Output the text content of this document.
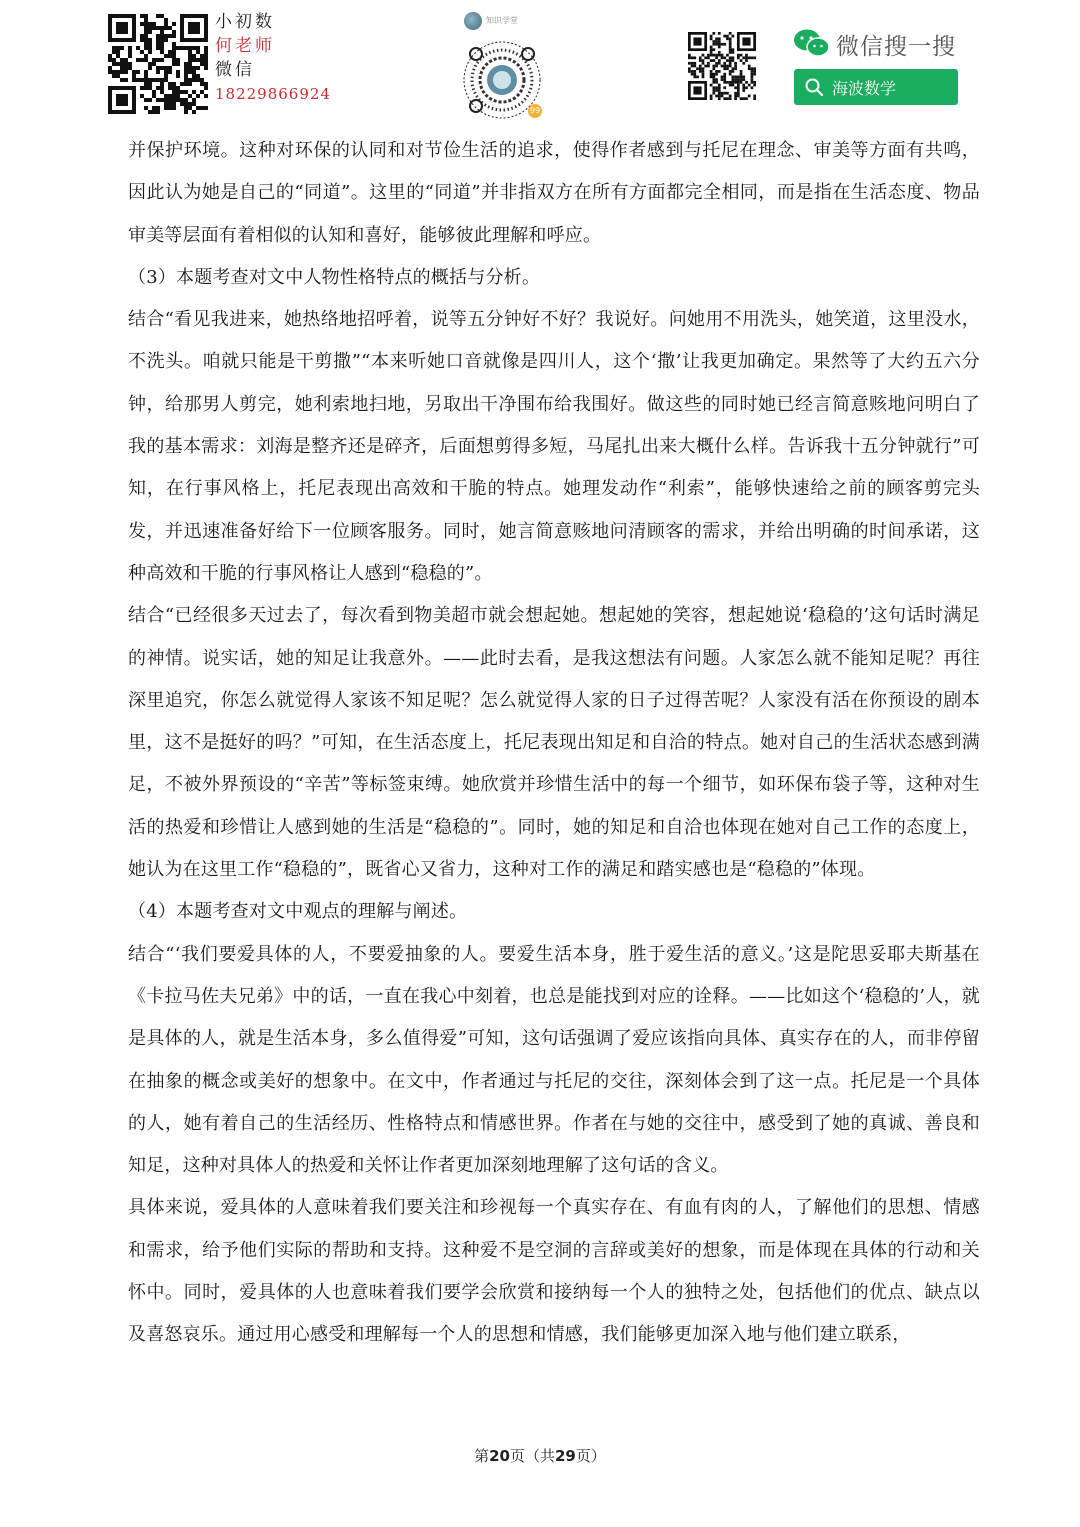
小初数
何老师
微信
18229866924
知识学堂
99
微信搜一搜
海波数学

并保护环境。这种对环保的认同和对节俭生活的追求，使得作者感到与托尼在理念、审美等方面有共鸣，因此认为她是自己的“同道”。这里的“同道”并非指双方在所有方面都完全相同，而是指在生活态度、物品审美等层面有着相似的认知和喜好，能够彼此理解和呼应。

（3）本题考查对文中人物性格特点的概括与分析。

结合“看见我进来，她热络地招呼着，说等五分钟好不好？我说好。问她用不用洗头，她笑道，这里没水，不洗头。咱就只能是干剪撒”“本来听她口音就像是四川人，这个‘撒’让我更加确定。果然等了大约五六分钟，给那男人剪完，她利索地扫地，另取出干净围布给我围好。做这些的同时她已经言简意赅地问明白了我的基本需求：刘海是整齐还是碎齐，后面想剪得多短，马尾扎出来大概什么样。告诉我十五分钟就行”可知，在行事风格上，托尼表现出高效和干脆的特点。她理发动作“利索”，能够快速给之前的顾客剪完头发，并迅速准备好给下一位顾客服务。同时，她言简意赅地问清顾客的需求，并给出明确的时间承诺，这种高效和干脆的行事风格让人感到“稳稳的”。

结合“已经很多天过去了，每次看到物美超市就会想起她。想起她的笑容，想起她说‘稳稳的’这句话时满足的神情。说实话，她的知足让我意外。——此时去看，是我这想法有问题。人家怎么就不能知足呢？再往深里追究，你怎么就觉得人家该不知足呢？怎么就觉得人家的日子过得苦呢？人家没有活在你预设的剧本里，这不是挺好的吗？”可知，在生活态度上，托尼表现出知足和自洽的特点。她对自己的生活状态感到满足，不被外界预设的“辛苦”等标签束缚。她欣赏并珍惜生活中的每一个细节，如环保布袋子等，这种对生活的热爱和珍惜让人感到她的生活是“稳稳的”。同时，她的知足和自洽也体现在她对自己工作的态度上，她认为在这里工作“稳稳的”，既省心又省力，这种对工作的满足和踏实感也是“稳稳的”体现。

（4）本题考查对文中观点的理解与阐述。

结合“‘我们要爱具体的人，不要爱抽象的人。要爱生活本身，胜于爱生活的意义。’这是陀思妥耶夫斯基在《卡拉马佐夫兄弟》中的话，一直在我心中刻着，也总是能找到对应的诠释。——比如这个‘稳稳的’人，就是具体的人，就是生活本身，多么值得爱”可知，这句话强调了爱应该指向具体、真实存在的人，而非停留在抽象的概念或美好的想象中。在文中，作者通过与托尼的交往，深刻体会到了这一点。托尼是一个具体的人，她有着自己的生活经历、性格特点和情感世界。作者在与她的交往中，感受到了她的真诚、善良和知足，这种对具体人的热爱和关怀让作者更加深刻地理解了这句话的含义。

具体来说，爱具体的人意味着我们要关注和珍视每一个真实存在、有血有肉的人，了解他们的思想、情感和需求，给予他们实际的帮助和支持。这种爱不是空洞的言辞或美好的想象，而是体现在具体的行动和关怀中。同时，爱具体的人也意味着我们要学会欣赏和接纳每一个人的独特之处，包括他们的优点、缺点以及喜怒哀乐。通过用心感受和理解每一个人的思想和情感，我们能够更加深入地与他们建立联系，

第20页（共29页）
